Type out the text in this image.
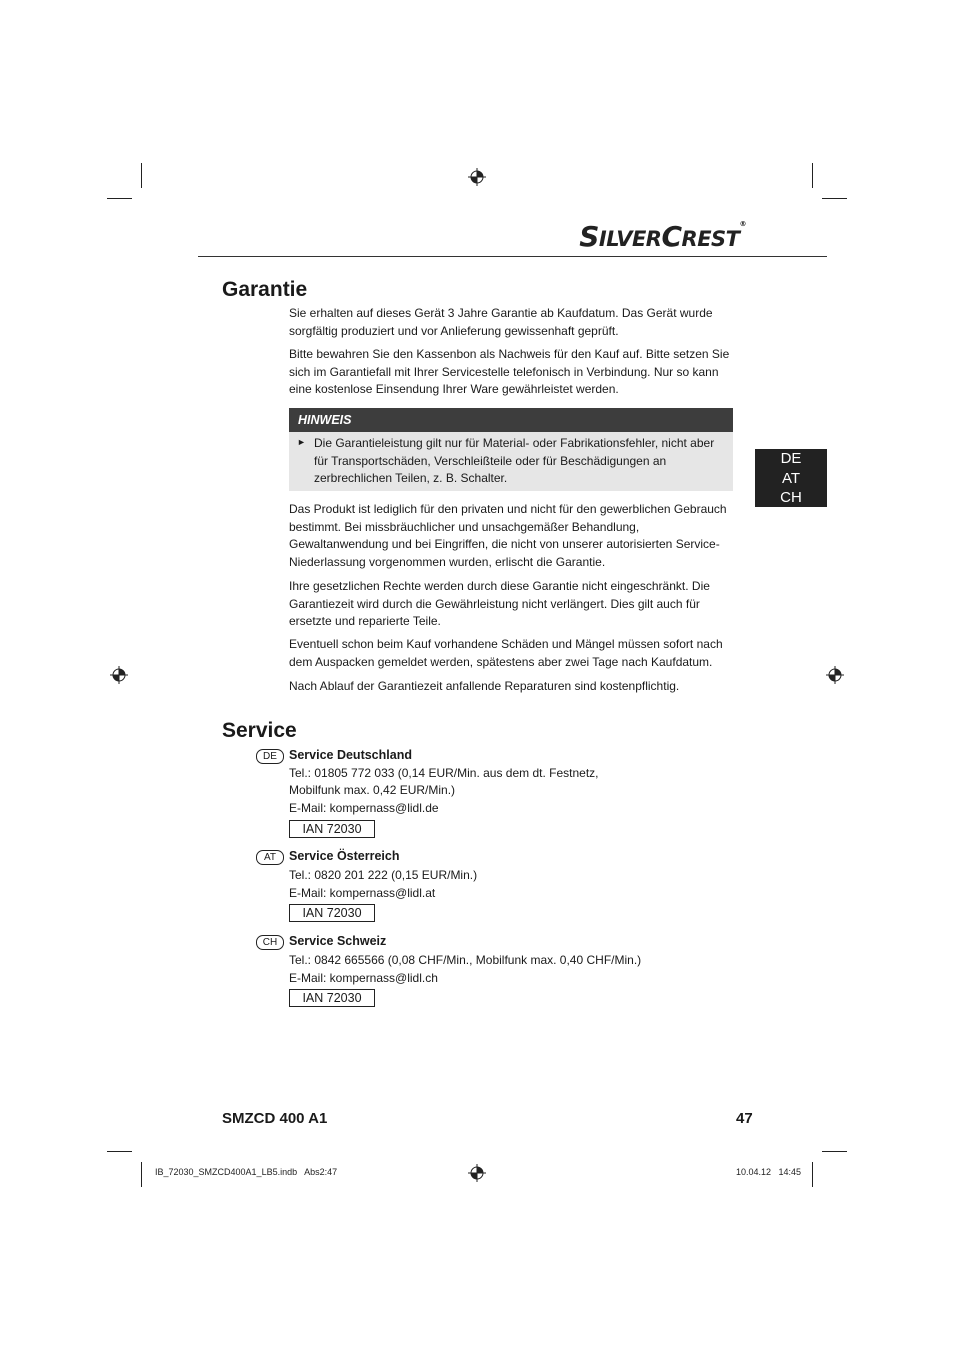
SILVERCREST®
Garantie

Sie erhalten auf dieses Gerät 3 Jahre Garantie ab Kaufdatum. Das Gerät wurde sorgfältig produziert und vor Anlieferung gewissenhaft geprüft.

Bitte bewahren Sie den Kassenbon als Nachweis für den Kauf auf. Bitte setzen Sie sich im Garantiefall mit Ihrer Servicestelle telefonisch in Verbindung. Nur so kann eine kostenlose Einsendung Ihrer Ware gewährleistet werden.

HINWEIS
► Die Garantieleistung gilt nur für Material- oder Fabrikationsfehler, nicht aber für Transportschäden, Verschleißteile oder für Beschädigungen an zerbrechlichen Teilen, z. B. Schalter.

DE
AT
CH

Das Produkt ist lediglich für den privaten und nicht für den gewerblichen Gebrauch bestimmt. Bei missbräuchlicher und unsachgemäßer Behandlung, Gewaltanwendung und bei Eingriffen, die nicht von unserer autorisierten Service-Niederlassung vorgenommen wurden, erlischt die Garantie.

Ihre gesetzlichen Rechte werden durch diese Garantie nicht eingeschränkt. Die Garantiezeit wird durch die Gewährleistung nicht verlängert. Dies gilt auch für ersetzte und reparierte Teile.

Eventuell schon beim Kauf vorhandene Schäden und Mängel müssen sofort nach dem Auspacken gemeldet werden, spätestens aber zwei Tage nach Kaufdatum.

Nach Ablauf der Garantiezeit anfallende Reparaturen sind kostenpflichtig.

Service
DE Service Deutschland
Tel.: 01805 772 033 (0,14 EUR/Min. aus dem dt. Festnetz,
Mobilfunk max. 0,42 EUR/Min.)
E-Mail: kompernass@lidl.de
IAN 72030
AT	Service Österreich
Tel.: 0820 201 222 (0,15 EUR/Min.)
E-Mail: kompernass@lidl.at
IAN 72030
CH Service Schweiz
Tel.: 0842 665566 (0,08 CHF/Min., Mobilfunk max. 0,40 CHF/Min.)
E-Mail: kompernass@lidl.ch
IAN 72030
SMZCD 400 A1	47
IB_72030_SMZCD400A1_LB5.indb   Abs2:47	10.04.12   14:45
